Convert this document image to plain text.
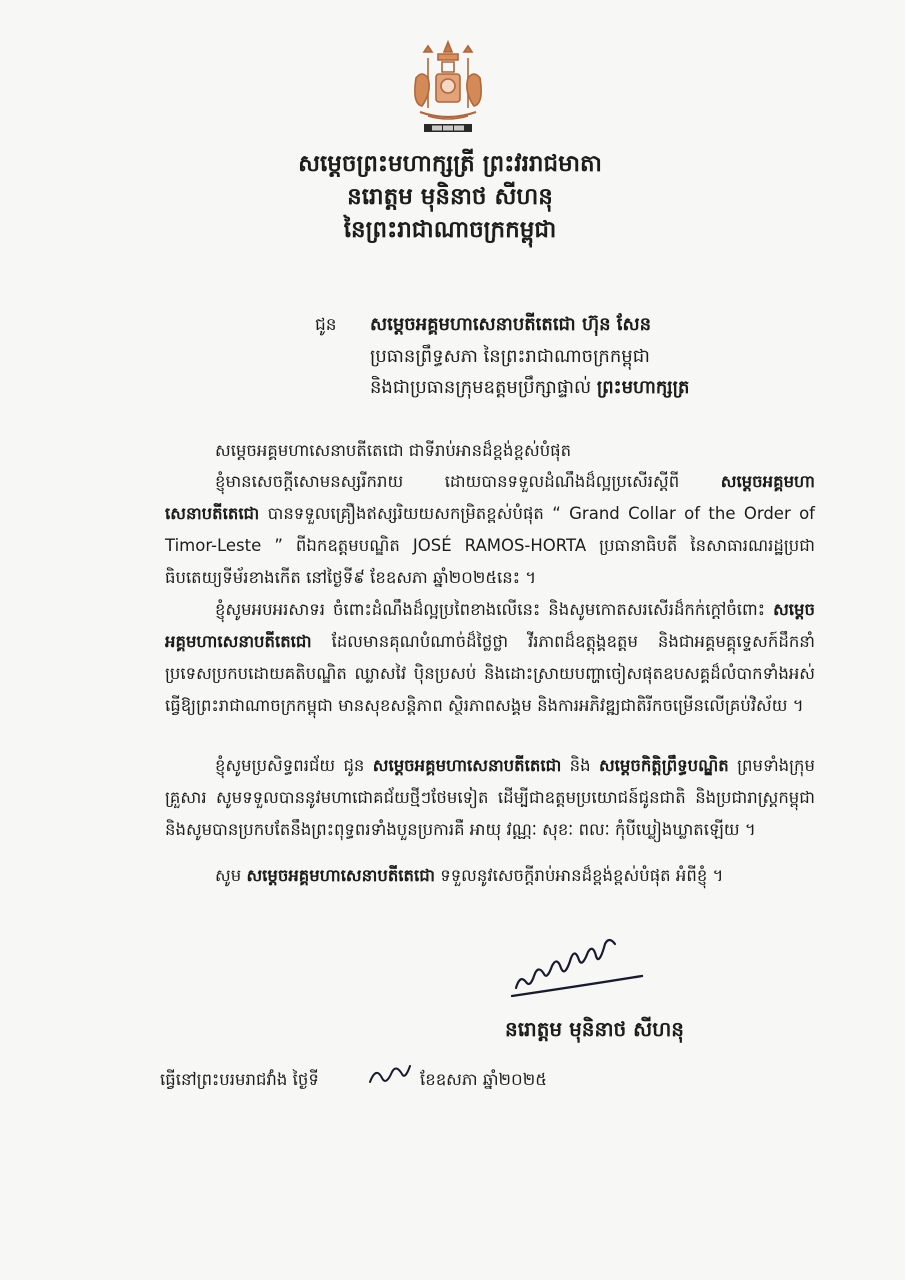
សម្តេចព្រះមហាក្សត្រី ព្រះវររាជមាតា
នរោត្តម មុនិនាថ សីហនុ
នៃព្រះរាជាណាចក្រកម្ពុជា
ជូន សម្តេចអគ្គមហាសេនាបតីតេជោ ហ៊ុន សែន
ប្រធានព្រឹទ្ធសភា នៃព្រះរាជាណាចក្រកម្ពុជា
និងជាប្រធានក្រុមឧត្តមប្រឹក្សាផ្ទាល់ ព្រះមហាក្សត្រ
សម្តេចអគ្គមហាសេនាបតីតេជោ ជាទីរាប់អានដ៏ខ្ពង់ខ្ពស់បំផុត
ខ្ញុំមានសេចក្តីសោមនស្សរីករាយ ដោយបានទទួលដំណឹងដ៏ល្អប្រសើរស្តីពី	សម្តេចអគ្គមហាសេនាបតីតេជោ បានទទួលគ្រឿងឥស្សរិយយសកម្រិតខ្ពស់បំផុត “ Grand Collar of the Order of Timor-Leste ” ពីឯកឧត្តមបណ្ឌិត JOSÉ RAMOS-HORTA ប្រធានាធិបតី នៃសាធារណរដ្ឋប្រជាធិបតេយ្យទីម័រខាងកើត នៅថ្ងៃទី៩ ខែឧសភា ឆ្នាំ២០២៥នេះ ។
ខ្ញុំសូមអបអរសាទរ ចំពោះដំណឹងដ៏ល្អប្រពៃខាងលើនេះ និងសូមកោតសរសើរដ៏កក់ក្តៅចំពោះ សម្តេចអគ្គមហាសេនាបតីតេជោ ដែលមានគុណបំណាច់ដ៏ថ្លៃថ្លា វីរភាពដ៏ឧត្តុង្គឧត្តម និងជាអគ្គមគ្គុទ្ទេសក៍ដឹកនាំប្រទេសប្រកបដោយគតិបណ្ឌិត ឈ្លាសវៃ ប៉ិនប្រសប់ និងដោះស្រាយបញ្ហាចៀសផុតឧបសគ្គដ៏លំបាកទាំងអស់ ធ្វើឱ្យព្រះរាជាណាចក្រកម្ពុជា មានសុខសន្តិភាព ស្ថិរភាពសង្គម និងការអភិវឌ្ឍជាតិរីកចម្រើនលើគ្រប់វិស័យ ។
ខ្ញុំសូមប្រសិទ្ធពរជ័យ ជូន សម្តេចអគ្គមហាសេនាបតីតេជោ និង សម្តេចកិត្តិព្រឹទ្ធបណ្ឌិត ព្រមទាំងក្រុមគ្រួសារ សូមទទួលបាននូវមហាជោគជ័យថ្មីៗថែមទៀត ដើម្បីជាឧត្តមប្រយោជន៍ជូនជាតិ និងប្រជារាស្ត្រកម្ពុជា និងសូមបានប្រកបតែនឹងព្រះពុទ្ធពរទាំងបួនប្រការគឺ អាយុ វណ្ណៈ សុខៈ ពលៈ កុំបីឃ្លៀងឃ្លាតឡើយ ។
សូម សម្តេចអគ្គមហាសេនាបតីតេជោ ទទួលនូវសេចក្តីរាប់អានដ៏ខ្ពង់ខ្ពស់បំផុត អំពីខ្ញុំ ។
នរោត្តម មុនិនាថ សីហនុ
ធ្វើនៅព្រះបរមរាជវាំង ថ្ងៃទី	ខែឧសភា ឆ្នាំ២០២៥
